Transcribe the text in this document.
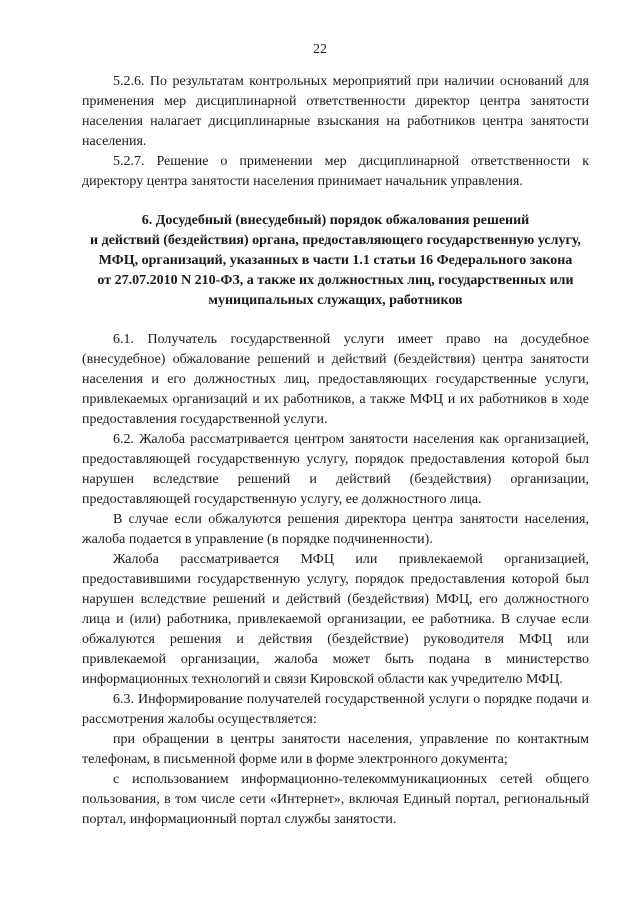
22

5.2.6. По результатам контрольных мероприятий при наличии оснований для применения мер дисциплинарной ответственности директор центра занятости населения налагает дисциплинарные взыскания на работников центра занятости населения.

5.2.7. Решение о применении мер дисциплинарной ответственности к директору центра занятости населения принимает начальник управления.

6. Досудебный (внесудебный) порядок обжалования решений
и действий (бездействия) органа, предоставляющего государственную услугу,
МФЦ, организаций, указанных в части 1.1 статьи 16 Федерального закона
от 27.07.2010 N 210-ФЗ, а также их должностных лиц, государственных или
муниципальных служащих, работников

6.1. Получатель государственной услуги имеет право на досудебное (внесудебное) обжалование решений и действий (бездействия) центра занятости населения и его должностных лиц, предоставляющих государственные услуги, привлекаемых организаций и их работников, а также МФЦ и их работников в ходе предоставления государственной услуги.

6.2. Жалоба рассматривается центром занятости населения как организацией, предоставляющей государственную услугу, порядок предоставления которой был нарушен вследствие решений и действий (бездействия) организации, предоставляющей государственную услугу, ее должностного лица.

В случае если обжалуются решения директора центра занятости населения, жалоба подается в управление (в порядке подчиненности).

Жалоба рассматривается МФЦ или привлекаемой организацией, предоставившими государственную услугу, порядок предоставления которой был нарушен вследствие решений и действий (бездействия) МФЦ, его должностного лица и (или) работника, привлекаемой организации, ее работника. В случае если обжалуются решения и действия (бездействие) руководителя МФЦ или привлекаемой организации, жалоба может быть подана в министерство информационных технологий и связи Кировской области как учредителю МФЦ.

6.3. Информирование получателей государственной услуги о порядке подачи и рассмотрения жалобы осуществляется:

при обращении в центры занятости населения, управление по контактным телефонам, в письменной форме или в форме электронного документа;

с использованием информационно-телекоммуникационных сетей общего пользования, в том числе сети «Интернет», включая Единый портал, региональный портал, информационный портал службы занятости.
